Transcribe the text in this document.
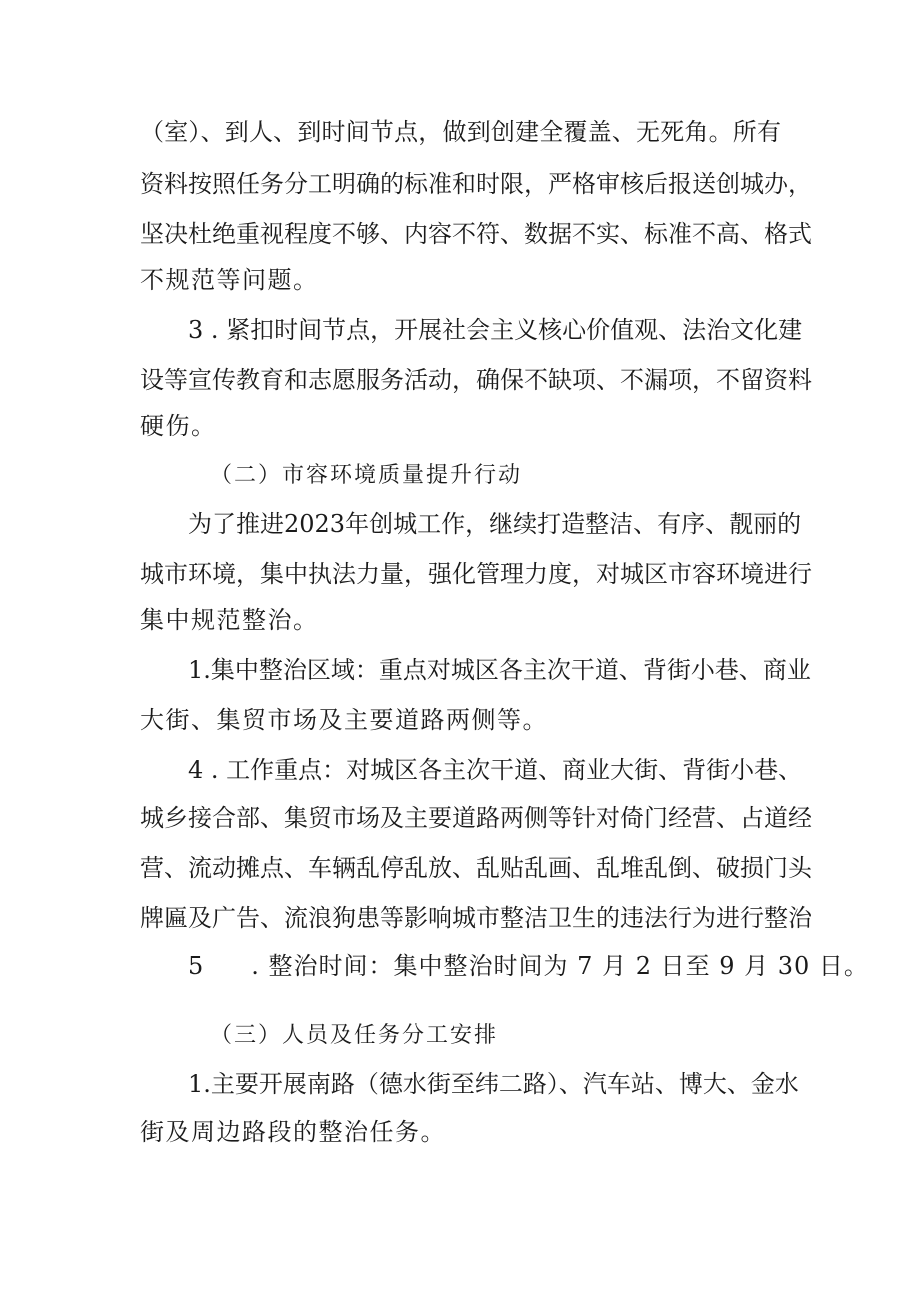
（室）、到人、到时间节点，做到创建全覆盖、无死角。所有
资料按照任务分工明确的标准和时限，严格审核后报送创城办，
坚决杜绝重视程度不够、内容不符、数据不实、标准不高、格式
不规范等问题。
3 . 紧扣时间节点，开展社会主义核心价值观、法治文化建
设等宣传教育和志愿服务活动，确保不缺项、不漏项，不留资料
硬伤。
（二）市容环境质量提升行动
为了推进2023年创城工作，继续打造整洁、有序、靓丽的
城市环境，集中执法力量，强化管理力度，对城区市容环境进行
集中规范整治。
1.集中整治区域：重点对城区各主次干道、背街小巷、商业
大街、集贸市场及主要道路两侧等。
4 . 工作重点：对城区各主次干道、商业大街、背街小巷、
城乡接合部、集贸市场及主要道路两侧等针对倚门经营、占道经
营、流动摊点、车辆乱停乱放、乱贴乱画、乱堆乱倒、破损门头
牌匾及广告、流浪狗患等影响城市整洁卫生的违法行为进行整治
5 . 整治时间：集中整治时间为 7 月 2 日至 9 月 30 日。
（三）人员及任务分工安排
1.主要开展南路（德水街至纬二路）、汽车站、博大、金水
街及周边路段的整治任务。
